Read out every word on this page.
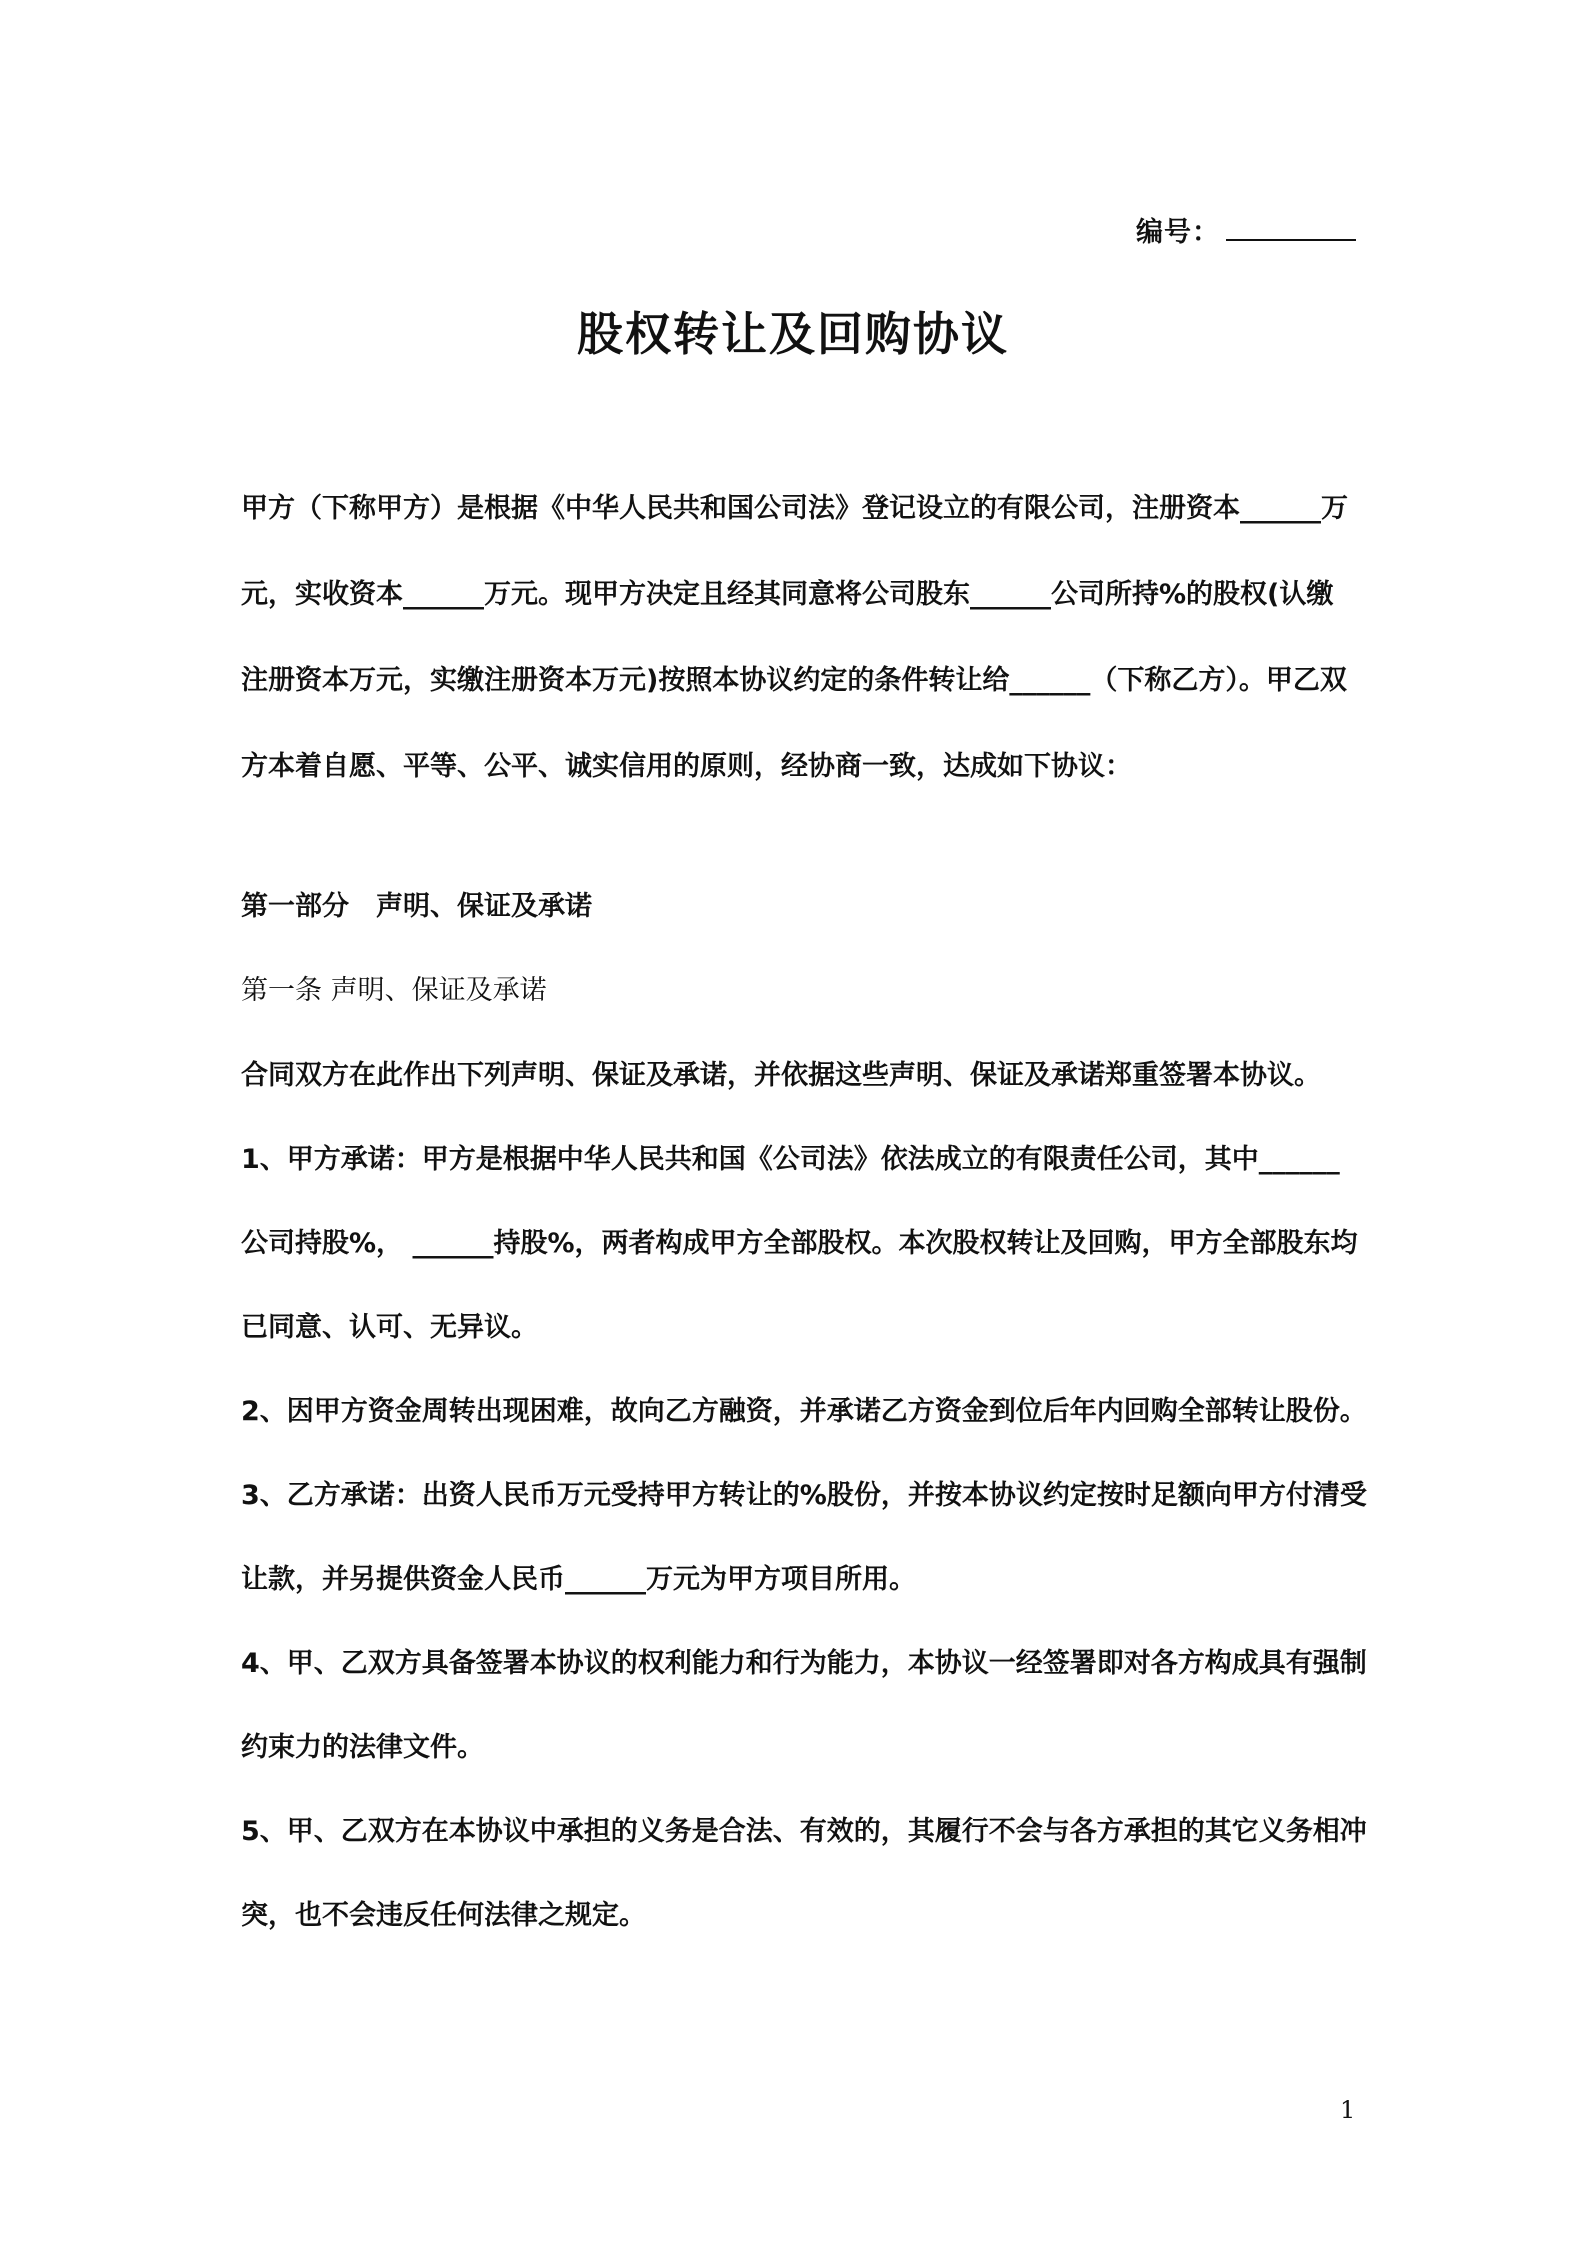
编号：
股权转让及回购协议
甲方（下称甲方）是根据《中华人民共和国公司法》登记设立的有限公司，注册资本______万
元，实收资本______万元。现甲方决定且经其同意将公司股东______公司所持%的股权(认缴
注册资本万元，实缴注册资本万元)按照本协议约定的条件转让给______（下称乙方）。甲乙双
方本着自愿、平等、公平、诚实信用的原则，经协商一致，达成如下协议：
第一部分　声明、保证及承诺
第一条 声明、保证及承诺
合同双方在此作出下列声明、保证及承诺，并依据这些声明、保证及承诺郑重签署本协议。
1、甲方承诺：甲方是根据中华人民共和国《公司法》依法成立的有限责任公司，其中______
公司持股%， ______持股%，两者构成甲方全部股权。本次股权转让及回购，甲方全部股东均
已同意、认可、无异议。
2、因甲方资金周转出现困难，故向乙方融资，并承诺乙方资金到位后年内回购全部转让股份。
3、乙方承诺：出资人民币万元受持甲方转让的%股份，并按本协议约定按时足额向甲方付清受
让款，并另提供资金人民币______万元为甲方项目所用。
4、甲、乙双方具备签署本协议的权利能力和行为能力，本协议一经签署即对各方构成具有强制
约束力的法律文件。
5、甲、乙双方在本协议中承担的义务是合法、有效的，其履行不会与各方承担的其它义务相冲
突，也不会违反任何法律之规定。
1
